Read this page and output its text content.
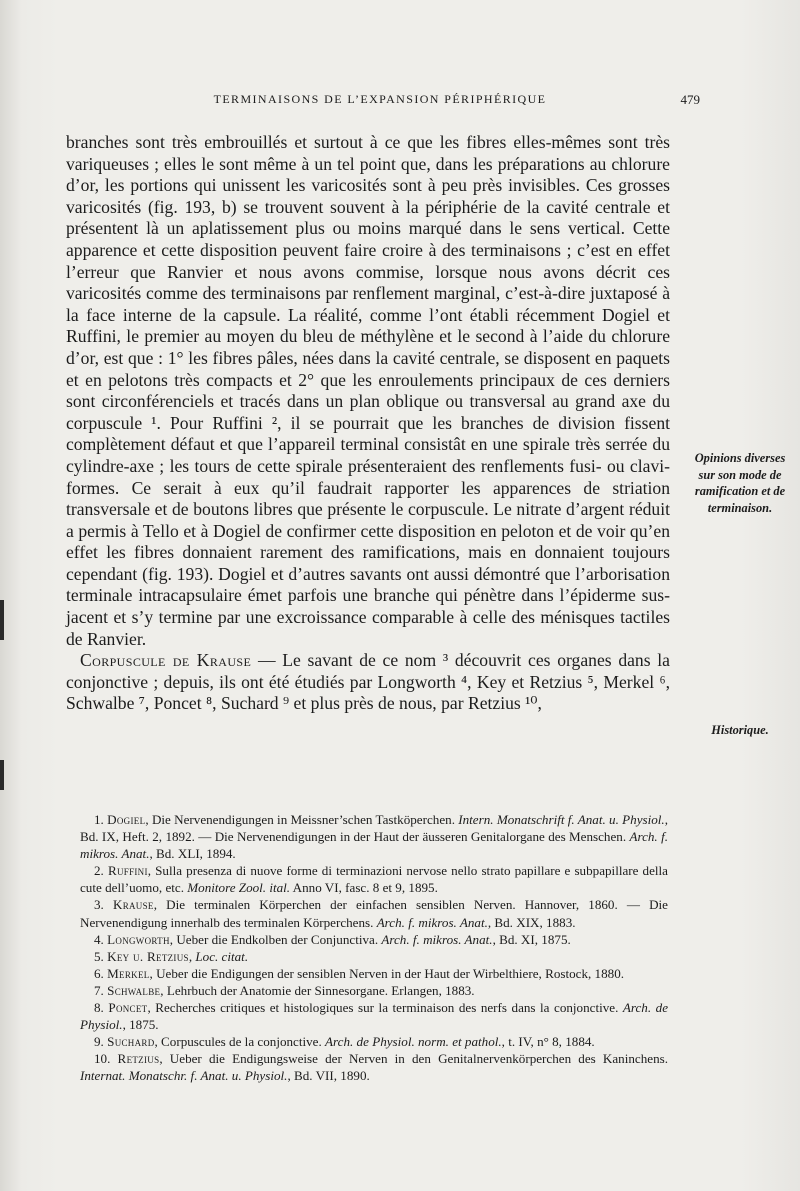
TERMINAISONS DE L’EXPANSION PÉRIPHÉRIQUE	479

branches sont très embrouillés et surtout à ce que les fibres elles-mêmes sont très variqueuses ; elles le sont même à un tel point que, dans les préparations au chlorure d’or, les portions qui unissent les varicosités sont à peu près invisibles. Ces grosses varicosités (fig. 193, b) se trouvent souvent à la périphérie de la cavité centrale et présentent là un aplatissement plus ou moins marqué dans le sens vertical. Cette apparence et cette disposition peuvent faire croire à des terminaisons ; c’est en effet l’erreur que Ranvier et nous avons commise, lorsque nous avons décrit ces varicosités comme des terminaisons par renflement marginal, c’est-à-dire juxtaposé à la face interne de la capsule. La réalité, comme l’ont établi récemment Dogiel et Ruffini, le premier au moyen du bleu de méthylène et le second à l’aide du chlorure d’or, est que : 1° les fibres pâles, nées dans la cavité centrale, se disposent en paquets et en pelotons très compacts et 2° que les enroulements principaux de ces derniers sont circonférenciels et tracés dans un plan oblique ou transversal au grand axe du corpuscule ¹. Pour Ruffini ², il se pourrait que les branches de division fissent complètement défaut et que l’appareil terminal consistât en une spirale très serrée du cylindre-axe ; les tours de cette spirale présenteraient des renflements fusi- ou clavi-formes. Ce serait à eux qu’il faudrait rapporter les apparences de striation transversale et de boutons libres que présente le corpuscule. Le nitrate d’argent réduit a permis à Tello et à Dogiel de confirmer cette disposition en peloton et de voir qu’en effet les fibres donnaient rarement des ramifications, mais en donnaient toujours cependant (fig. 193). Dogiel et d’autres savants ont aussi démontré que l’arborisation terminale intracapsulaire émet parfois une branche qui pénètre dans l’épiderme sus-jacent et s’y termine par une excroissance comparable à celle des ménisques tactiles de Ranvier.

Corpuscule de Krause — Le savant de ce nom ³ découvrit ces organes dans la conjonctive ; depuis, ils ont été étudiés par Longworth ⁴, Key et Retzius ⁵, Merkel ⁶, Schwalbe ⁷, Poncet ⁸, Suchard ⁹ et plus près de nous, par Retzius ¹⁰,

Opinions diverses sur son mode de ramification et de terminaison.
Historique.

1. Dogiel, Die Nervenendigungen in Meissner’schen Tastköperchen. Intern. Monatschrift f. Anat. u. Physiol., Bd. IX, Heft. 2, 1892. — Die Nervenendigungen in der Haut der äusseren Genitalorgane des Menschen. Arch. f. mikros. Anat., Bd. XLI, 1894.

2. Ruffini, Sulla presenza di nuove forme di terminazioni nervose nello strato papillare e subpapillare della cute dell’uomo, etc. Monitore Zool. ital. Anno VI, fasc. 8 et 9, 1895.

3. Krause, Die terminalen Körperchen der einfachen sensiblen Nerven. Hannover, 1860. — Die Nervenendigung innerhalb des terminalen Körperchens. Arch. f. mikros. Anat., Bd. XIX, 1883.

4. Longworth, Ueber die Endkolben der Conjunctiva. Arch. f. mikros. Anat., Bd. XI, 1875.

5. Key u. Retzius, Loc. citat.

6. Merkel, Ueber die Endigungen der sensiblen Nerven in der Haut der Wirbelthiere, Rostock, 1880.

7. Schwalbe, Lehrbuch der Anatomie der Sinnesorgane. Erlangen, 1883.

8. Poncet, Recherches critiques et histologiques sur la terminaison des nerfs dans la conjonctive. Arch. de Physiol., 1875.

9. Suchard, Corpuscules de la conjonctive. Arch. de Physiol. norm. et pathol., t. IV, n° 8, 1884.

10. Retzius, Ueber die Endigungsweise der Nerven in den Genitalnervenkörperchen des Kaninchens. Internat. Monatschr. f. Anat. u. Physiol., Bd. VII, 1890.
